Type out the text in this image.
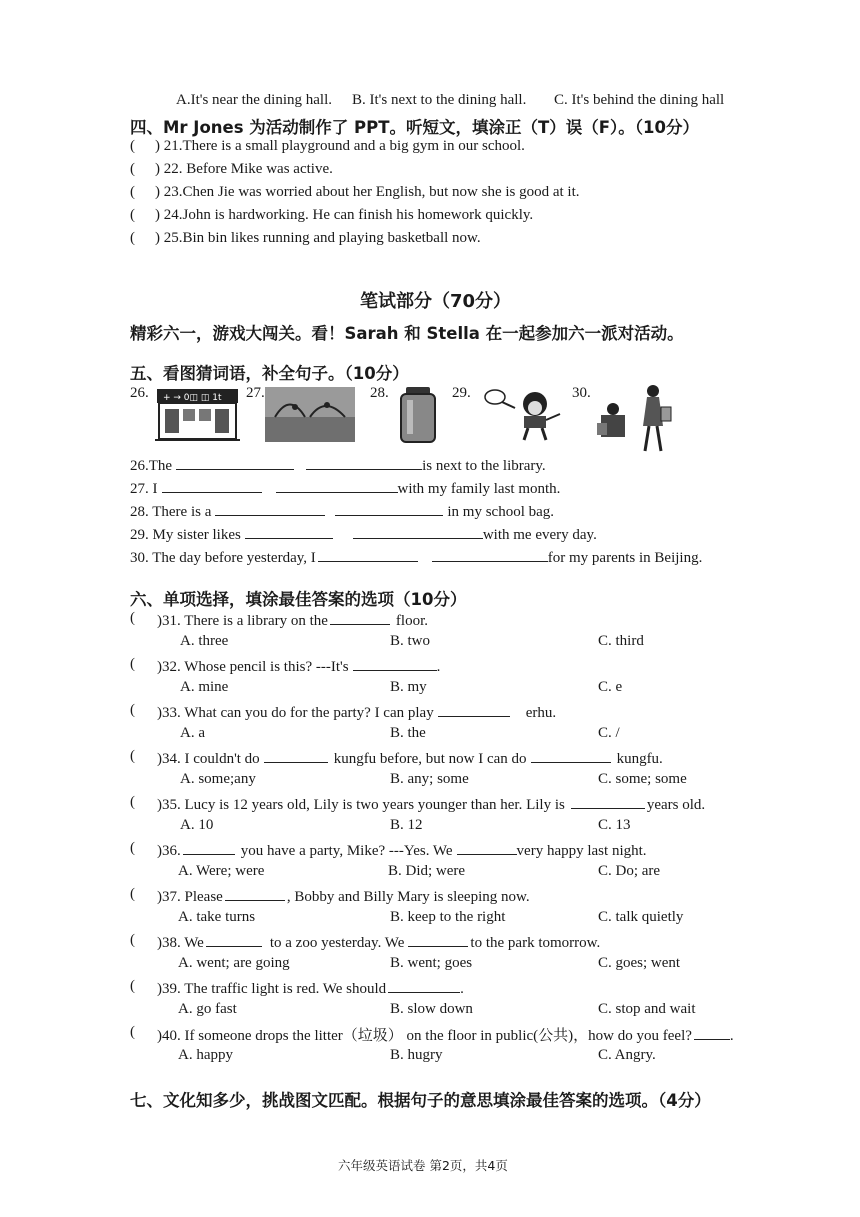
A.It's near the dining hall. B. It's next to the dining hall. C. It's behind the dining hall
四、Mr Jones 为活动制作了 PPT。听短文，填涂正（T）误（F）。（10分）
( ) 21.There is a small playground and a big gym in our school.
( ) 22. Before Mike was active.
( ) 23.Chen Jie was worried about her English, but now she is good at it.
( ) 24.John is hardworking. He can finish his homework quickly.
( ) 25.Bin bin likes running and playing basketball now.
笔试部分（70分）
精彩六一，游戏大闯关。看！Sarah 和 Stella 在一起参加六一派对活动。
五、看图猜词语，补全句子。（10分）
26. + → 0◫ ◫ 1t 27.	28.	29.	30.
26.The	is next to the library.
27. I	with my family last month.
28. There is a	in my school bag.
29. My sister likes	with me every day.
30. The day before yesterday, I	for my parents in Beijing.
六、单项选择，填涂最佳答案的选项（10分）
( )31. There is a library on the	floor.
A. three	B. two	C. third
( )32. Whose pencil is this? ---It's	.
A. mine	B. my	C. e
( )33. What can you do for the party? I can play	erhu.
A. a	B. the	C. /
( )34. I couldn't do	kungfu before, but now I can do	kungfu.
A. some;any	B. any; some	C. some; some
( )35. Lucy is 12 years old, Lily is two years younger than her. Lily is	years old.
A. 10	B. 12	C. 13
( )36.	you have a party, Mike? ---Yes. We	very happy last night.
A. Were; were	B. Did; were	C. Do; are
( )37. Please	, Bobby and Billy Mary is sleeping now.
A. take turns	B. keep to the right	C. talk quietly
( )38. We	to a zoo yesterday. We	to the park tomorrow.
A. went; are going	B. went; goes	C. goes; went
( )39. The traffic light is red. We should	.
A. go fast	B. slow down	C. stop and wait
( )40. If someone drops the litter（垃圾） on the floor in public(公共)，how do you feel?	.
A. happy	B. hugry	C. Angry.
七、文化知多少，挑战图文匹配。根据句子的意思填涂最佳答案的选项。（4分）
六年级英语试卷 第2页，共4页
